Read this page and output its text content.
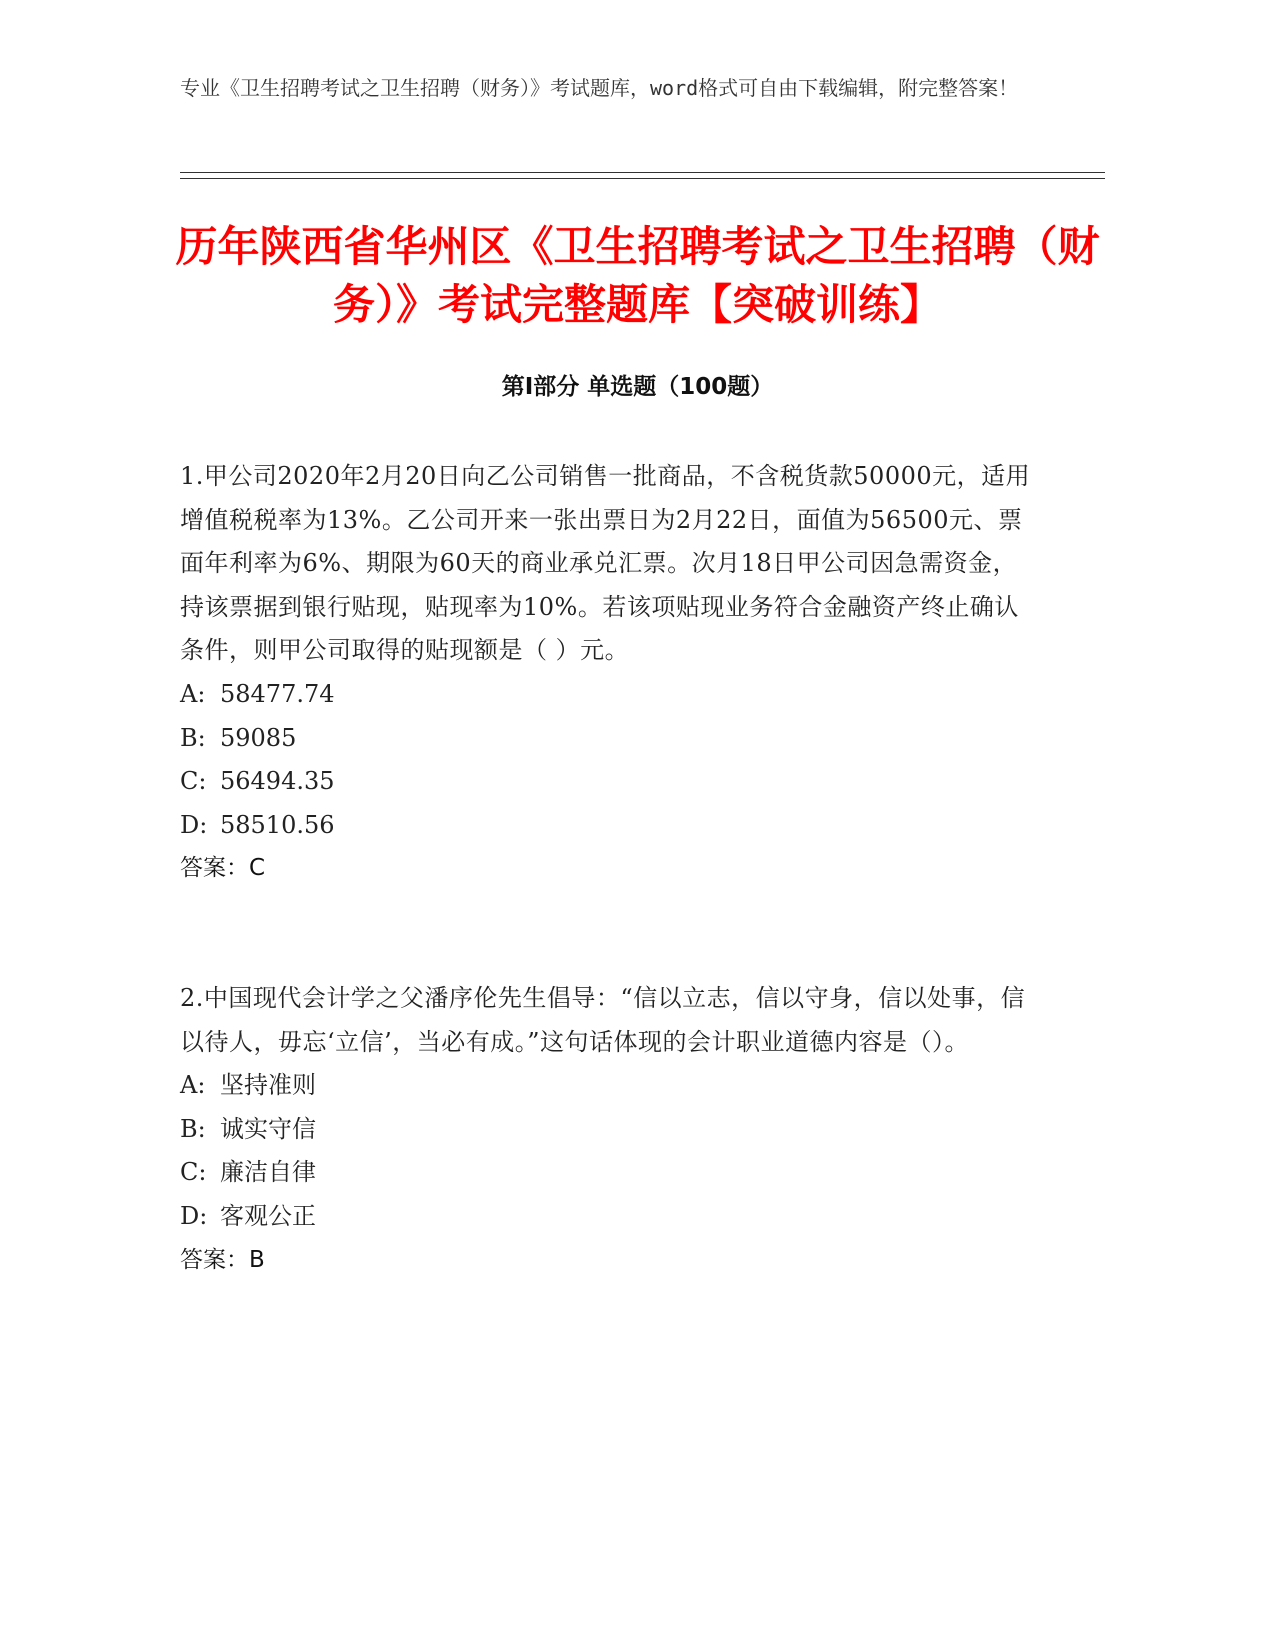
专业《卫生招聘考试之卫生招聘（财务）》考试题库，word格式可自由下载编辑，附完整答案！
历年陕西省华州区《卫生招聘考试之卫生招聘（财务）》考试完整题库【突破训练】
第I部分 单选题（100题）

1.甲公司2020年2月20日向乙公司销售一批商品，不含税货款50000元，适用增值税税率为13%。乙公司开来一张出票日为2月22日，面值为56500元、票面年利率为6%、期限为60天的商业承兑汇票。次月18日甲公司因急需资金，持该票据到银行贴现，贴现率为10%。若该项贴现业务符合金融资产终止确认条件，则甲公司取得的贴现额是（ ）元。

A: 58477.74

B: 59085

C: 56494.35

D: 58510.56

答案：C

2.中国现代会计学之父潘序伦先生倡导：“信以立志，信以守身，信以处事，信以待人，毋忘‘立信’，当必有成。”这句话体现的会计职业道德内容是（）。

A: 坚持准则

B: 诚实守信

C: 廉洁自律

D: 客观公正

答案：B
